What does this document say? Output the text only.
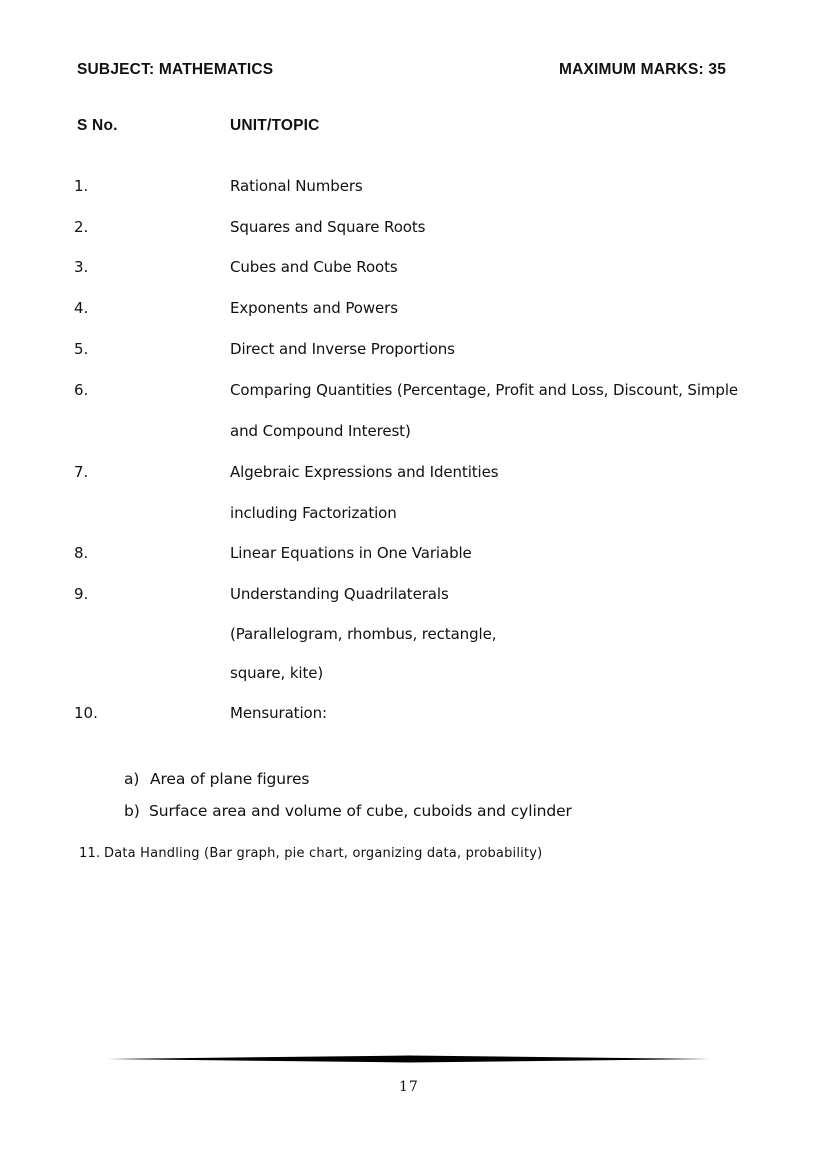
SUBJECT: MATHEMATICS	MAXIMUM MARKS: 35
S No.	UNIT/TOPIC
1.	Rational Numbers
2.	Squares and Square Roots
3.	Cubes and Cube Roots
4.	Exponents and Powers
5.	Direct and Inverse Proportions
6.	Comparing Quantities (Percentage, Profit and Loss, Discount, Simple
and Compound Interest)
7.	Algebraic Expressions and Identities
including Factorization
8.	Linear Equations in One Variable
9.	Understanding Quadrilaterals
(Parallelogram, rhombus, rectangle,
square, kite)
10.	Mensuration:
a) Area of plane figures
b) Surface area and volume of cube, cuboids and cylinder
11. Data Handling (Bar graph, pie chart, organizing data, probability)
17
